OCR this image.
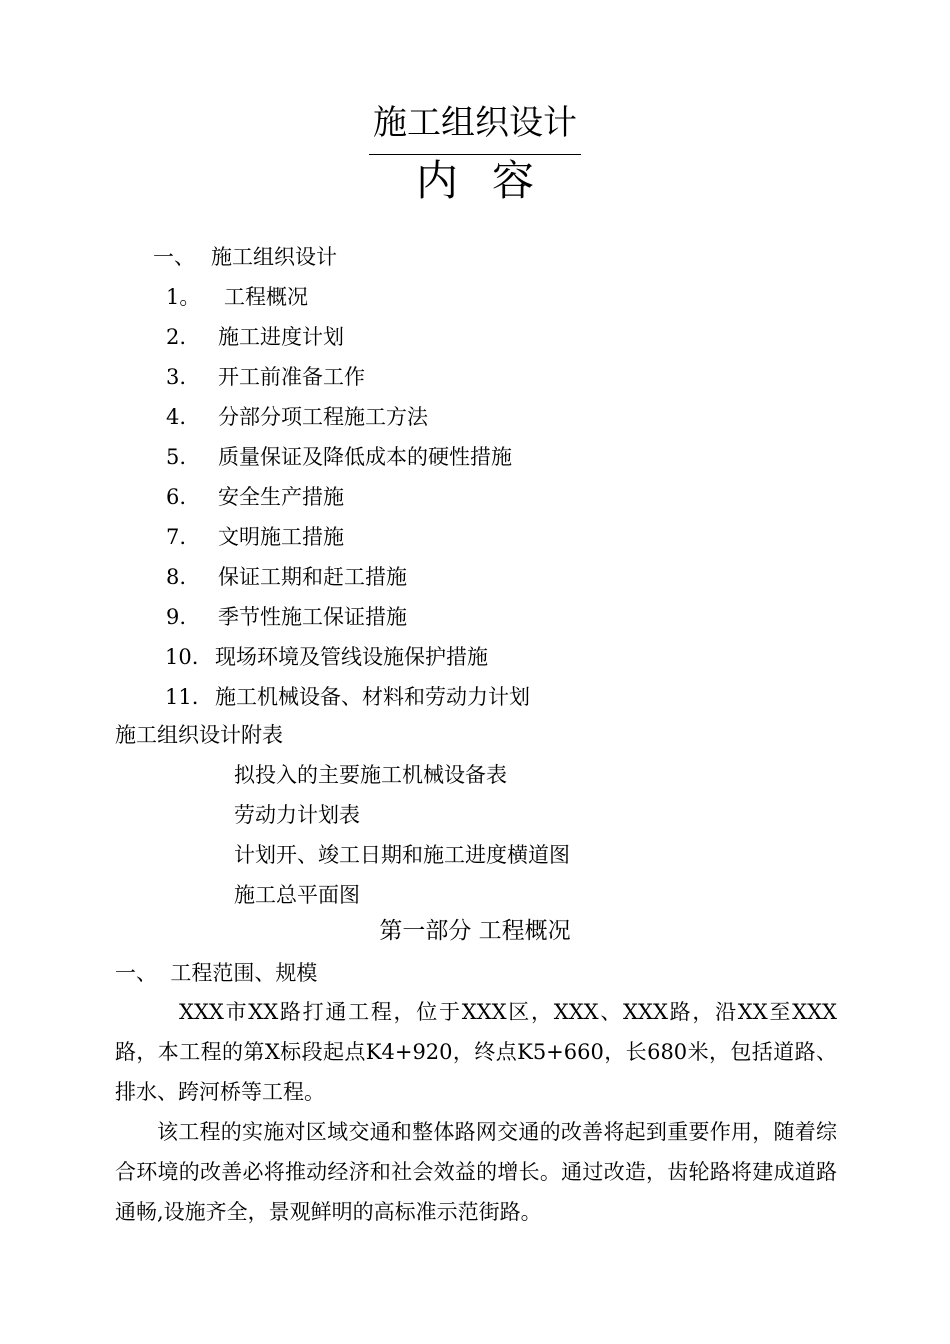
施工组织设计
内容
一、 施工组织设计
1。 工程概况
2. 施工进度计划
3. 开工前准备工作
4. 分部分项工程施工方法
5. 质量保证及降低成本的硬性措施
6. 安全生产措施
7. 文明施工措施
8. 保证工期和赶工措施
9. 季节性施工保证措施
10. 现场环境及管线设施保护措施
11. 施工机械设备、材料和劳动力计划
施工组织设计附表
拟投入的主要施工机械设备表
劳动力计划表
计划开、竣工日期和施工进度横道图
施工总平面图
第一部分 工程概况
一、  工程范围、规模
XXX市XX路打通工程，位于XXX区，XXX、XXX路，沿XX至XXX路，本工程的第X标段起点K4+920，终点K5+660，长680米，包括道路、排水、跨河桥等工程。
该工程的实施对区域交通和整体路网交通的改善将起到重要作用，随着综合环境的改善必将推动经济和社会效益的增长。通过改造，齿轮路将建成道路通畅,设施齐全，景观鲜明的高标准示范街路。
